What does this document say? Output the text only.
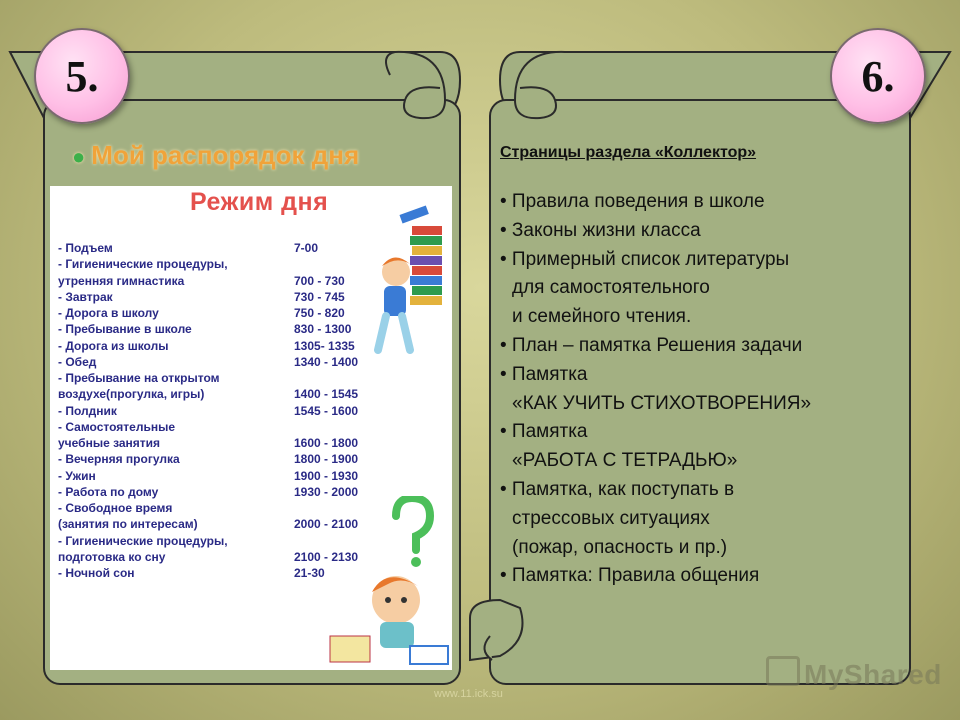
5.	6.
● Мой распорядок дня
Режим дня
- Подъем	7-00
- Гигиенические процедуры,
утренняя гимнастика	700 - 730
- Завтрак	730 - 745
- Дорога в школу	750 - 820
- Пребывание в школе	830 - 1300
- Дорога из школы	1305- 1335
- Обед	1340 - 1400
- Пребывание на открытом
воздухе(прогулка, игры)	1400 - 1545
- Полдник	1545 - 1600
- Самостоятельные
учебные занятия	1600 - 1800
- Вечерняя прогулка	1800 - 1900
- Ужин	1900 - 1930
- Работа по дому	1930 - 2000
- Свободное время
(занятия по интересам)	2000 - 2100
- Гигиенические процедуры,
подготовка ко сну	2100 - 2130
- Ночной сон	21-30
Страницы раздела «Коллектор»
• Правила поведения в школе
• Законы жизни класса
• Примерный список литературы
для самостоятельного
и семейного чтения.
• План – памятка Решения задачи
• Памятка
«КАК УЧИТЬ СТИХОТВОРЕНИЯ»
• Памятка
«РАБОТА С ТЕТРАДЬЮ»
• Памятка, как поступать в
стрессовых ситуациях
(пожар, опасность и пр.)
• Памятка: Правила общения
www.11.ick.su
MyShared
